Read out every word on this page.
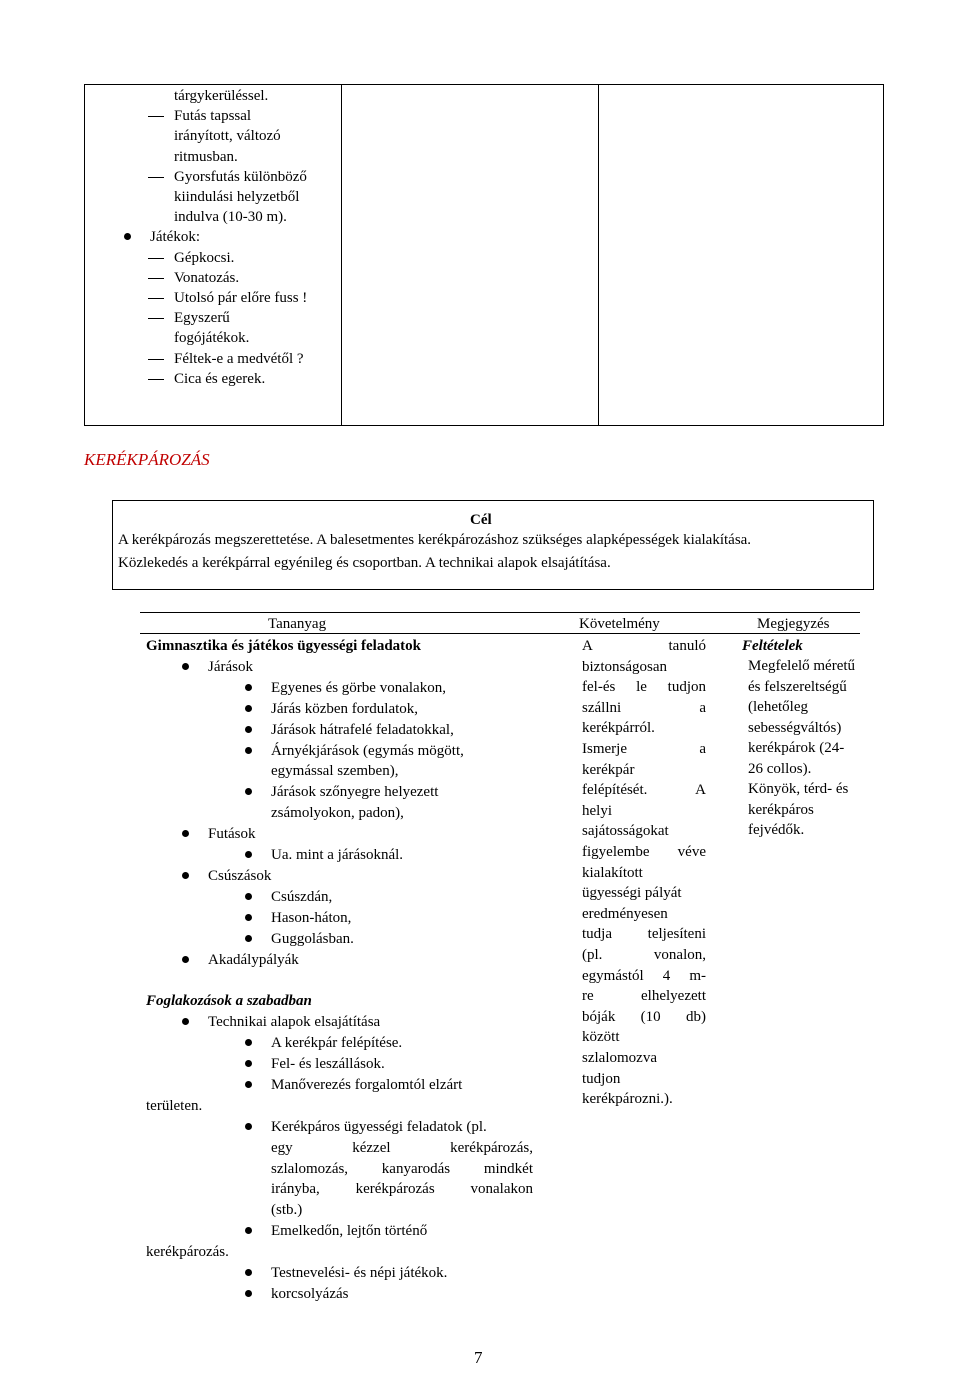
tárgykerüléssel.
Futás tapssal
irányított, változó
ritmusban.
Gyorsfutás különböző
kiindulási helyzetből
indulva (10-30 m).
Játékok:
Gépkocsi.
Vonatozás.
Utolsó pár előre fuss !
Egyszerű
fogójátékok.
Féltek-e a medvétől ?
Cica és egerek.
KERÉKPÁROZÁS
Cél
A kerékpározás megszerettetése. A balesetmentes kerékpározáshoz szükséges alapképességek kialakítása.
Közlekedés a kerékpárral egyénileg és csoportban. A technikai alapok elsajátítása.
Tananyag	Követelmény	Megjegyzés
Gimnasztika és játékos ügyességi feladatok
Járások
Egyenes és görbe vonalakon,
Járás közben fordulatok,
Járások hátrafelé feladatokkal,
Árnyékjárások (egymás mögött,
egymással szemben),
Járások szőnyegre helyezett
zsámolyokon, padon),
Futások
Ua. mint a járásoknál.
Csúszások
Csúszdán,
Hason-háton,
Guggolásban.
Akadálypályák
Foglakozások a szabadban
Technikai alapok elsajátítása
A kerékpár felépítése.
Fel- és leszállások.
Manőverezés forgalomtól elzárt
területen.
Kerékpáros ügyességi feladatok (pl.
egy kézzel kerékpározás,
szlalomozás, kanyarodás mindkét
irányba, kerékpározás vonalakon
(stb.)
Emelkedőn, lejtőn történő
kerékpározás.
Testnevelési- és népi játékok.
korcsolyázás
A tanuló
biztonságosan
fel-és le tudjon
szállni a
kerékpárról.
Ismerje a
kerékpár
felépítését. A
helyi
sajátosságokat
figyelembe véve
kialakított
ügyességi pályát
eredményesen
tudja teljesíteni
(pl. vonalon,
egymástól 4 m-
re elhelyezett
bóják (10 db)
között
szlalomozva
tudjon
kerékpározni.).
Feltételek
Megfelelő méretű
és felszereltségű
(lehetőleg
sebességváltós)
kerékpárok (24-
26 collos).
Könyök, térd- és
kerékpáros
fejvédők.
7
